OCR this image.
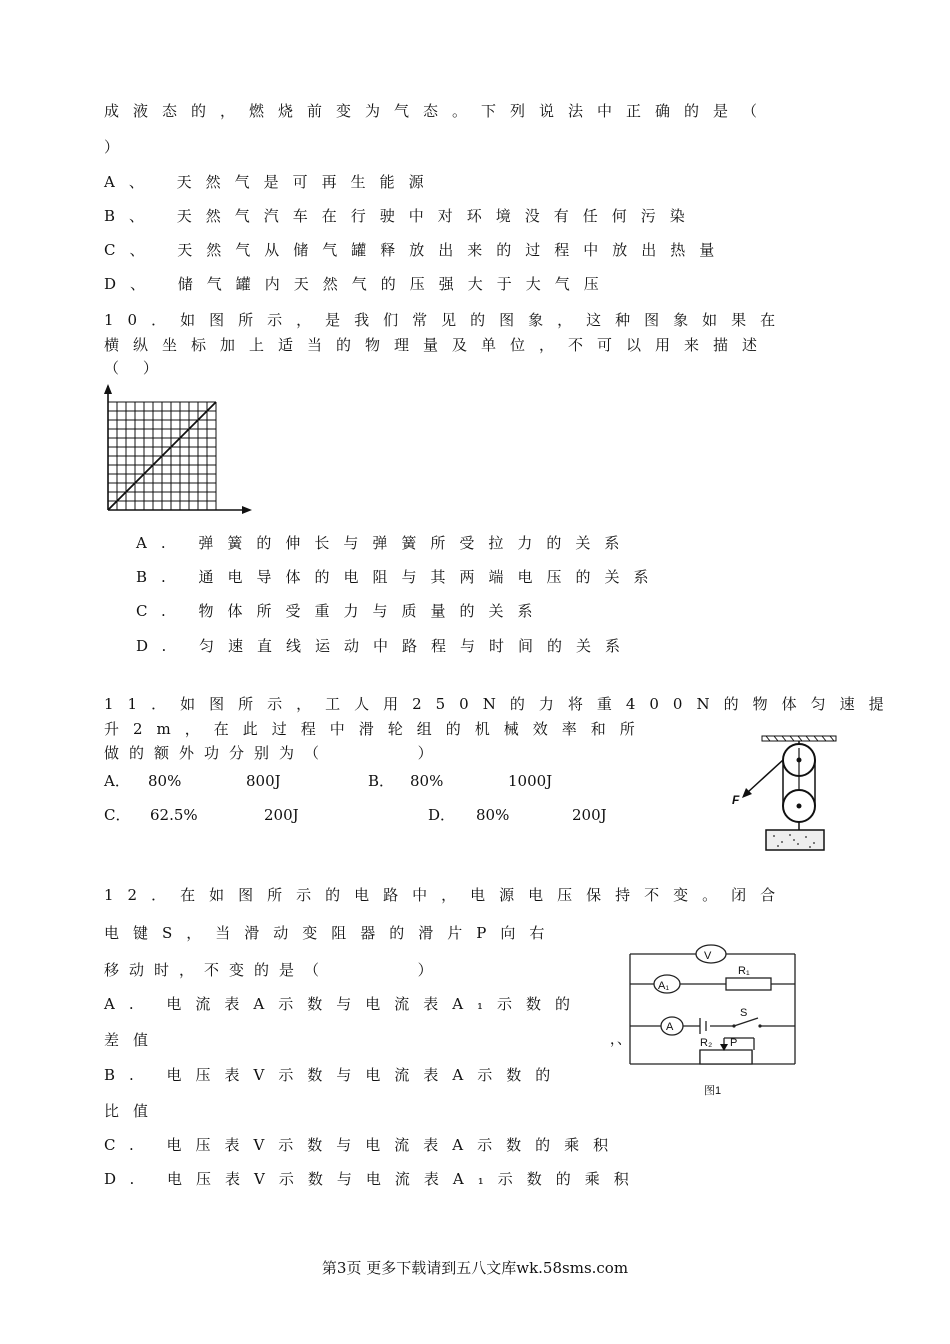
成液态的，燃烧前变为气态。下列说法中正确的是（
）
A、 天然气是可再生能源
B、 天然气汽车在行驶中对环境没有任何污染
C、 天然气从储气罐释放出来的过程中放出热量
D、 储气罐内天然气的压强大于大气压
10．如图所示，是我们常见的图象，这种图象如果在
横纵坐标加上适当的物理量及单位，不可以用来描述
（     ）
A. 弹簧的伸长与弹簧所受拉力的关系
B. 通电导体的电阻与其两端电压的关系
C. 物体所受重力与质量的关系
D. 匀速直线运动中路程与时间的关系
11．如图所示，工人用250N的力将重400N的物体匀速提
升2m，在此过程中滑轮组的机械效率和所
做的额外功分别为（      ）
A． 80%	800J	B． 80%	1000J
C． 62.5%	200J	D． 80%	200J
F
12．在如图所示的电路中，电源电压保持不变。闭合
电键S，当滑动变阻器的滑片P向右
移动时，不变的是（      ）
A. 电流表A示数与电流表A₁示数的
差值
B. 电压表V示数与电流表A示数的
比值
C. 电压表V示数与电流表A示数的乘积
D. 电压表V示数与电流表A₁示数的乘积
，、
V
A₁
R₁
A
S
R₂ P
图1
第3页 更多下载请到五八文库wk.58sms.com
